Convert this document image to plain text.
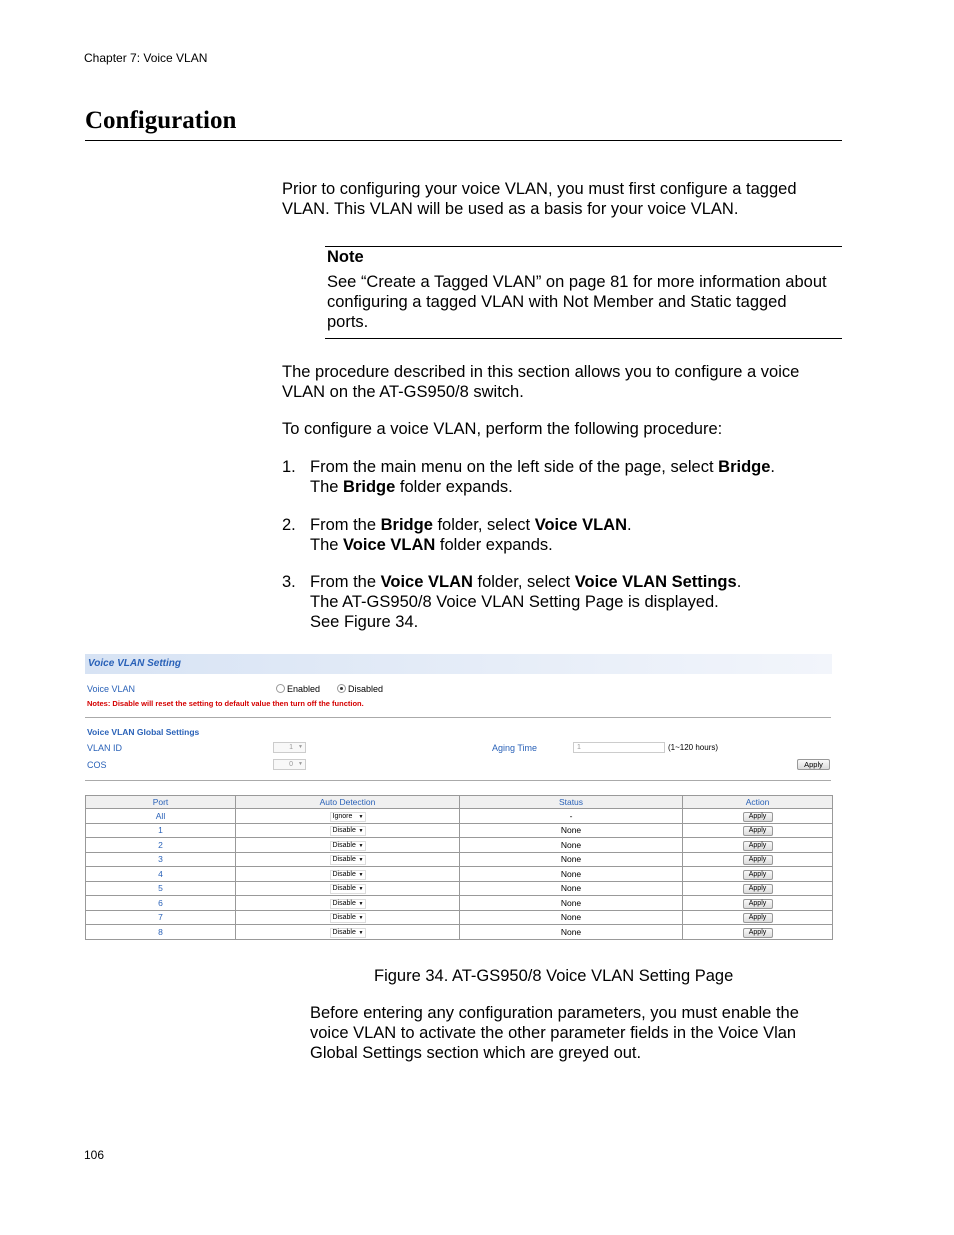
Chapter 7: Voice VLAN
Configuration
Prior to configuring your voice VLAN, you must first configure a tagged VLAN. This VLAN will be used as a basis for your voice VLAN.
Note
See “Create a Tagged VLAN” on page 81 for more information about configuring a tagged VLAN with Not Member and Static tagged ports.
The procedure described in this section allows you to configure a voice VLAN on the AT-GS950/8 switch.
To configure a voice VLAN, perform the following procedure:
1. From the main menu on the left side of the page, select Bridge.
The Bridge folder expands.
2. From the Bridge folder, select Voice VLAN.
The Voice VLAN folder expands.
3. From the Voice VLAN folder, select Voice VLAN Settings.
The AT-GS950/8 Voice VLAN Setting Page is displayed.
See Figure 34.
Voice VLAN Setting
Voice VLAN	Enabled	Disabled
Notes: Disable will reset the setting to default value then turn off the function.
Voice VLAN Global Settings
VLAN ID	1 ▼
COS	0 ▼
Aging Time	1	(1~120 hours)
Apply
Port	Auto Detection	Status	Action
All	Ignore ▼	-	Apply
1	Disable ▼	None	Apply
2	Disable ▼	None	Apply
3	Disable ▼	None	Apply
4	Disable ▼	None	Apply
5	Disable ▼	None	Apply
6	Disable ▼	None	Apply
7	Disable ▼	None	Apply
8	Disable ▼	None	Apply
Figure 34. AT-GS950/8 Voice VLAN Setting Page
Before entering any configuration parameters, you must enable the voice VLAN to activate the other parameter fields in the Voice Vlan Global Settings section which are greyed out.
106
